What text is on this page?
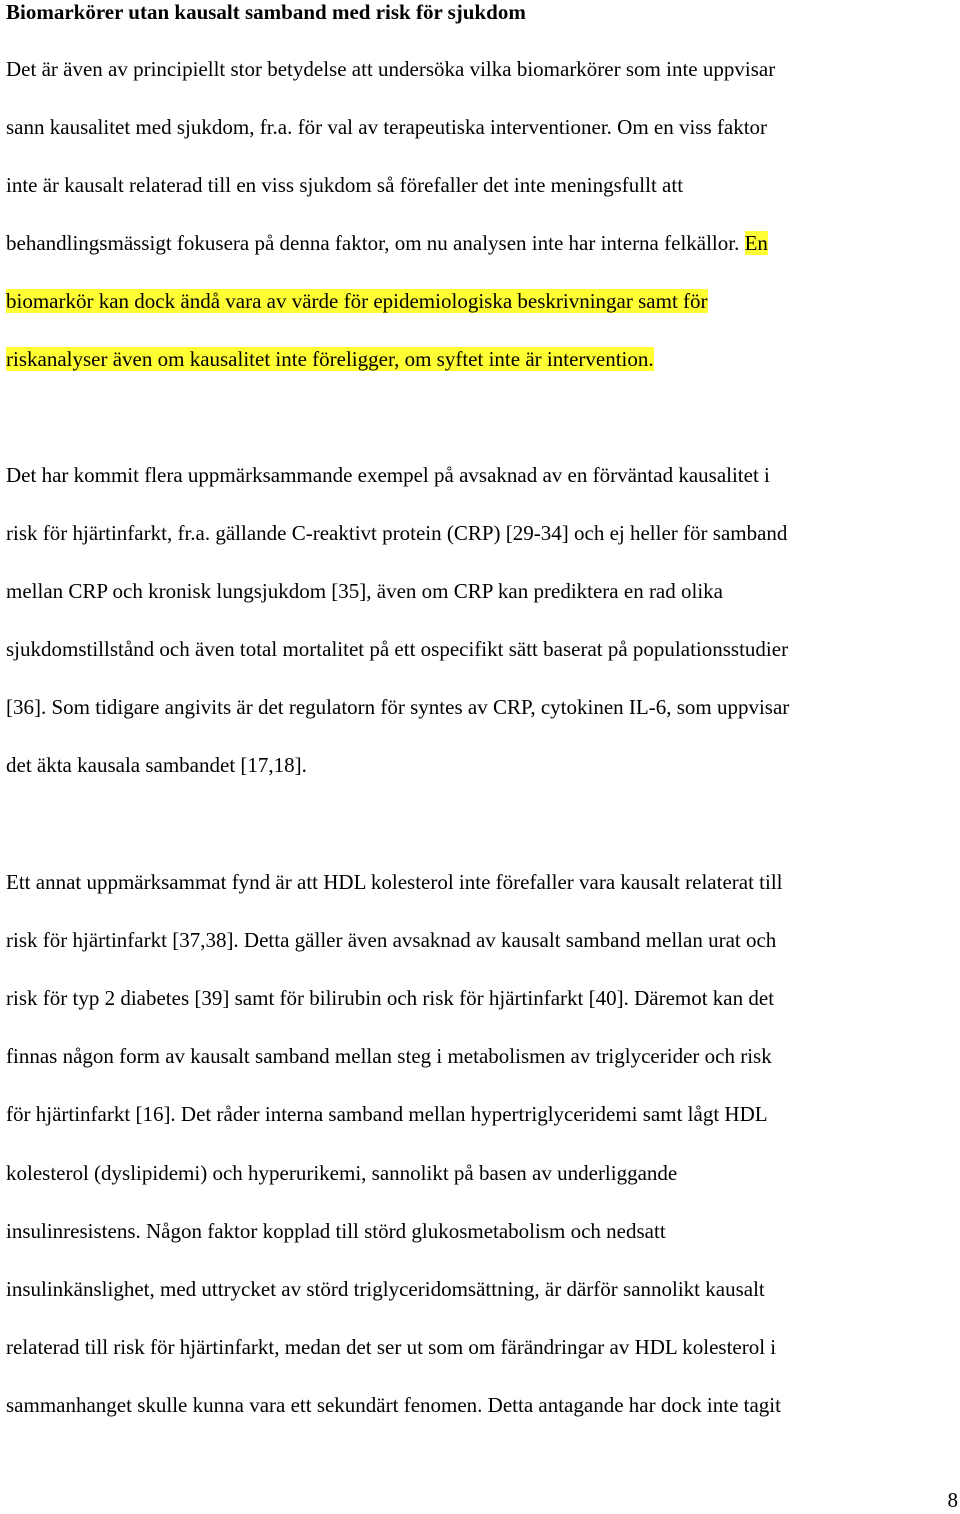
Biomarkörer utan kausalt samband med risk för sjukdom
Det är även av principiellt stor betydelse att undersöka vilka biomarkörer som inte uppvisar
sann kausalitet med sjukdom, fr.a. för val av terapeutiska interventioner. Om en viss faktor
inte är kausalt relaterad till en viss sjukdom så förefaller det inte meningsfullt att
behandlingsmässigt fokusera på denna faktor, om nu analysen inte har interna felkällor. En
biomarkör kan dock ändå vara av värde för epidemiologiska beskrivningar samt för
riskanalyser även om kausalitet inte föreligger, om syftet inte är intervention.
Det har kommit flera uppmärksammande exempel på avsaknad av en förväntad kausalitet i
risk för hjärtinfarkt, fr.a. gällande C-reaktivt protein (CRP) [29-34] och ej heller för samband
mellan CRP och kronisk lungsjukdom [35], även om CRP kan prediktera en rad olika
sjukdomstillstånd och även total mortalitet på ett ospecifikt sätt baserat på populationsstudier
[36]. Som tidigare angivits är det regulatorn för syntes av CRP, cytokinen IL-6, som uppvisar
det äkta kausala sambandet [17,18].
Ett annat uppmärksammat fynd är att HDL kolesterol inte förefaller vara kausalt relaterat till
risk för hjärtinfarkt [37,38]. Detta gäller även avsaknad av kausalt samband mellan urat och
risk för typ 2 diabetes [39] samt för bilirubin och risk för hjärtinfarkt [40]. Däremot kan det
finnas någon form av kausalt samband mellan steg i metabolismen av triglycerider och risk
för hjärtinfarkt [16]. Det råder interna samband mellan hypertriglyceridemi samt lågt HDL
kolesterol (dyslipidemi) och hyperurikemi, sannolikt på basen av underliggande
insulinresistens. Någon faktor kopplad till störd glukosmetabolism och nedsatt
insulinkänslighet, med uttrycket av störd triglyceridomsättning, är därför sannolikt kausalt
relaterad till risk för hjärtinfarkt, medan det ser ut som om färändringar av HDL kolesterol i
sammanhanget skulle kunna vara ett sekundärt fenomen. Detta antagande har dock inte tagit
8
